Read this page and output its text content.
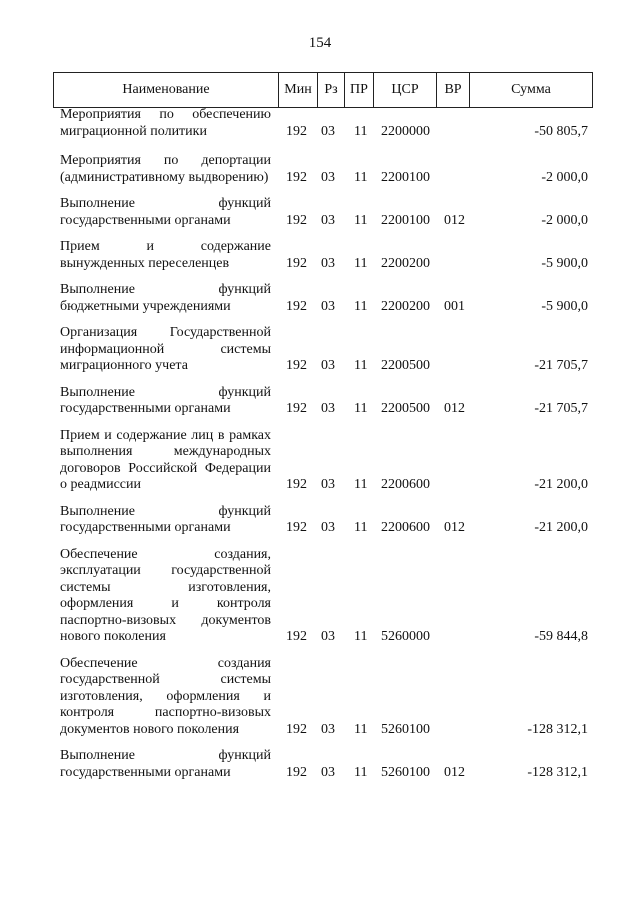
154
Наименование	Мин	Рз	ПР	ЦСР	ВР	Сумма
Мероприятия по обеспечению миграционной политики	192 03 11 2200000	-50 805,7
Мероприятия по депортации (административному выдворению) 192 03 11 2200100	-2 000,0
Выполнение функций государственными органами	192 03 11 2200100 012	-2 000,0
Прием и содержание вынужденных переселенцев	192 03 11 2200200	-5 900,0
Выполнение функций бюджетными учреждениями	192 03 11 2200200 001	-5 900,0
Организация Государственной информационной системы миграционного учета	192 03 11 2200500	-21 705,7
Выполнение функций государственными органами	192 03 11 2200500 012	-21 705,7
Прием и содержание лиц в рамках выполнения международных договоров Российской Федерации о реадмиссии	192 03 11 2200600	-21 200,0
Выполнение функций государственными органами	192 03 11 2200600 012	-21 200,0
Обеспечение создания, эксплуатации государственной системы изготовления, оформления и контроля паспортно-визовых документов нового поколения	192 03 11 5260000	-59 844,8
Обеспечение создания государственной системы изготовления, оформления и контроля паспортно-визовых документов нового поколения	192 03 11 5260100	-128 312,1
Выполнение функций государственными органами	192 03 11 5260100 012	-128 312,1
